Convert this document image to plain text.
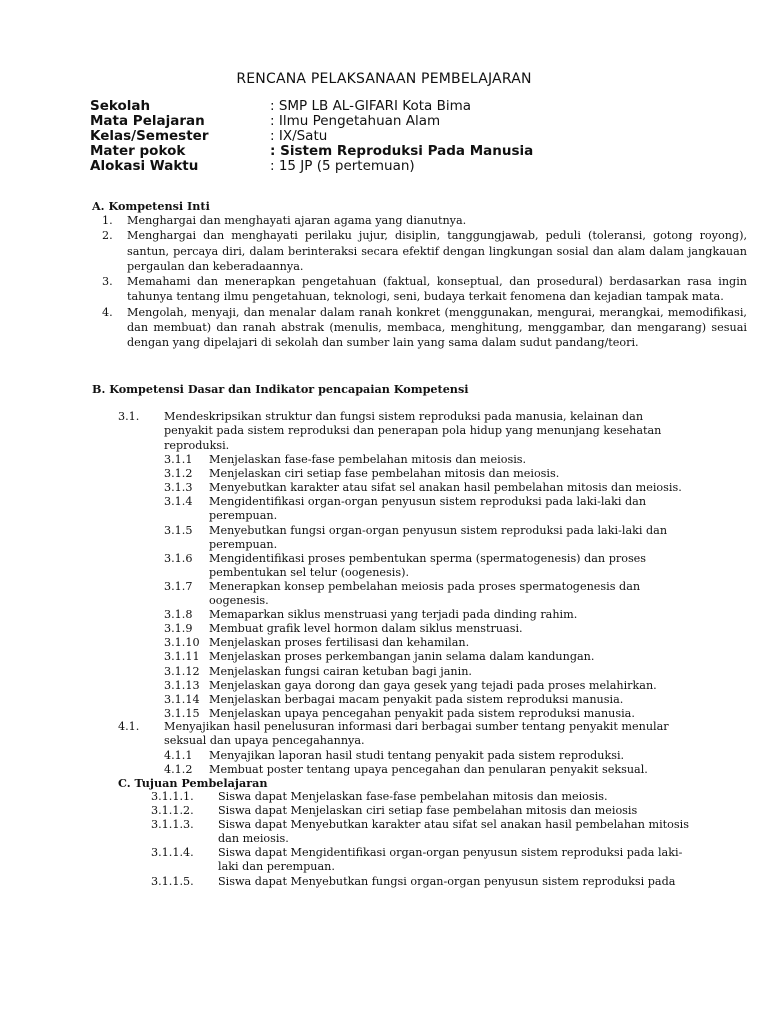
RENCANA PELAKSANAAN PEMBELAJARAN
Sekolah	: SMP LB AL-GIFARI Kota Bima
Mata Pelajaran	: Ilmu Pengetahuan Alam
Kelas/Semester	: IX/Satu
Mater pokok	: Sistem Reproduksi Pada Manusia
Alokasi Waktu	: 15 JP (5 pertemuan)
A. Kompetensi Inti
1. Menghargai dan menghayati ajaran agama yang dianutnya.
2. Menghargai dan menghayati perilaku jujur, disiplin, tanggungjawab, peduli (toleransi, gotong royong), santun, percaya diri, dalam berinteraksi secara efektif dengan lingkungan sosial dan alam dalam jangkauan pergaulan dan keberadaannya.
3. Memahami dan menerapkan pengetahuan (faktual, konseptual, dan prosedural) berdasarkan rasa ingin tahunya tentang ilmu pengetahuan, teknologi, seni, budaya terkait fenomena dan kejadian tampak mata.
4. Mengolah, menyaji, dan menalar dalam ranah konkret (menggunakan, mengurai, merangkai, memodifikasi, dan membuat) dan ranah abstrak (menulis, membaca, menghitung, menggambar, dan mengarang) sesuai dengan yang dipelajari di sekolah dan sumber lain yang sama dalam sudut pandang/teori.
B. Kompetensi Dasar dan Indikator pencapaian Kompetensi
3.1. Mendeskripsikan struktur dan fungsi sistem reproduksi pada manusia, kelainan dan
penyakit pada sistem reproduksi dan penerapan pola hidup yang menunjang kesehatan
reproduksi.
3.1.1 Menjelaskan fase-fase pembelahan mitosis dan meiosis.
3.1.2 Menjelaskan ciri setiap fase pembelahan mitosis dan meiosis.
3.1.3 Menyebutkan karakter atau sifat sel anakan hasil pembelahan mitosis dan meiosis.
3.1.4 Mengidentifikasi organ-organ penyusun sistem reproduksi pada laki-laki dan
perempuan.
3.1.5 Menyebutkan fungsi organ-organ penyusun sistem reproduksi pada laki-laki dan
perempuan.
3.1.6 Mengidentifikasi proses pembentukan sperma (spermatogenesis) dan proses
pembentukan sel telur (oogenesis).
3.1.7 Menerapkan konsep pembelahan meiosis pada proses spermatogenesis dan
oogenesis.
3.1.8 Memaparkan siklus menstruasi yang terjadi pada dinding rahim.
3.1.9 Membuat grafik level hormon dalam siklus menstruasi.
3.1.10 Menjelaskan proses fertilisasi dan kehamilan.
3.1.11 Menjelaskan proses perkembangan janin selama dalam kandungan.
3.1.12 Menjelaskan fungsi cairan ketuban bagi janin.
3.1.13 Menjelaskan gaya dorong dan gaya gesek yang tejadi pada proses melahirkan.
3.1.14 Menjelaskan berbagai macam penyakit pada sistem reproduksi manusia.
3.1.15 Menjelaskan upaya pencegahan penyakit pada sistem reproduksi manusia.
4.1. Menyajikan hasil penelusuran informasi dari berbagai sumber tentang penyakit menular
seksual dan upaya pencegahannya.
4.1.1 Menyajikan laporan hasil studi tentang penyakit pada sistem reproduksi.
4.1.2 Membuat poster tentang upaya pencegahan dan penularan penyakit seksual.
C. Tujuan Pembelajaran
3.1.1.1. Siswa dapat Menjelaskan fase-fase pembelahan mitosis dan meiosis.
3.1.1.2. Siswa dapat Menjelaskan ciri setiap fase pembelahan mitosis dan meiosis
3.1.1.3. Siswa dapat Menyebutkan karakter atau sifat sel anakan hasil pembelahan mitosis
dan meiosis.
3.1.1.4. Siswa dapat Mengidentifikasi organ-organ penyusun sistem reproduksi pada laki-
laki dan perempuan.
3.1.1.5. Siswa dapat Menyebutkan fungsi organ-organ penyusun sistem reproduksi pada
